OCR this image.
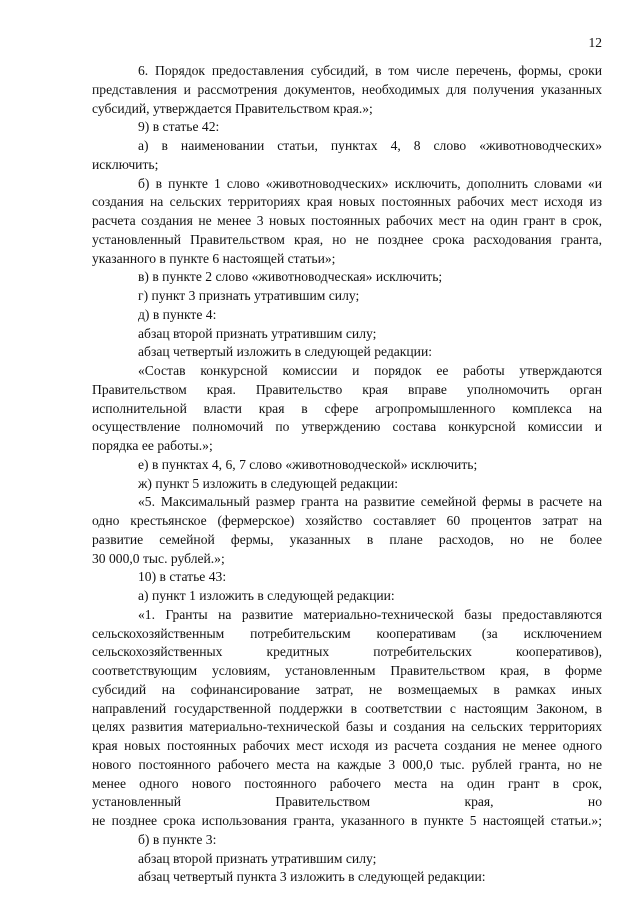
12
6. Порядок предоставления субсидий, в том числе перечень, формы, сроки
представления и рассмотрения документов, необходимых для получения указанных
субсидий, утверждается Правительством края.»;
9) в статье 42:
а) в наименовании статьи, пунктах 4, 8 слово «животноводческих»
исключить;
б) в пункте 1 слово «животноводческих» исключить, дополнить словами «и
создания на сельских территориях края новых постоянных рабочих мест исходя из
расчета создания не менее 3 новых постоянных рабочих мест на один грант в срок,
установленный Правительством края, но не позднее срока расходования гранта,
указанного в пункте 6 настоящей статьи»;
в) в пункте 2 слово «животноводческая» исключить;
г) пункт 3 признать утратившим силу;
д) в пункте 4:
абзац второй признать утратившим силу;
абзац четвертый изложить в следующей редакции:
«Состав конкурсной комиссии и порядок ее работы утверждаются
Правительством края. Правительство края вправе уполномочить орган
исполнительной власти края в сфере агропромышленного комплекса на
осуществление полномочий по утверждению состава конкурсной комиссии и
порядка ее работы.»;
е) в пунктах 4, 6, 7 слово «животноводческой» исключить;
ж) пункт 5 изложить в следующей редакции:
«5. Максимальный размер гранта на развитие семейной фермы в расчете на
одно крестьянское (фермерское) хозяйство составляет 60 процентов затрат на
развитие семейной фермы, указанных в плане расходов, но не более
30 000,0 тыс. рублей.»;
10) в статье 43:
а) пункт 1 изложить в следующей редакции:
«1. Гранты на развитие материально-технической базы предоставляются
сельскохозяйственным потребительским кооперативам (за исключением
сельскохозяйственных кредитных потребительских кооперативов),
соответствующим условиям, установленным Правительством края, в форме
субсидий на софинансирование затрат, не возмещаемых в рамках иных
направлений государственной поддержки в соответствии с настоящим Законом, в
целях развития материально-технической базы и создания на сельских территориях
края новых постоянных рабочих мест исходя из расчета создания не менее одного
нового постоянного рабочего места на каждые 3 000,0 тыс. рублей гранта, но не
менее одного нового постоянного рабочего места на один грант в срок,
установленный Правительством края, но
не позднее срока использования гранта, указанного в пункте 5 настоящей статьи.»;
б) в пункте 3:
абзац второй признать утратившим силу;
абзац четвертый пункта 3 изложить в следующей редакции:
